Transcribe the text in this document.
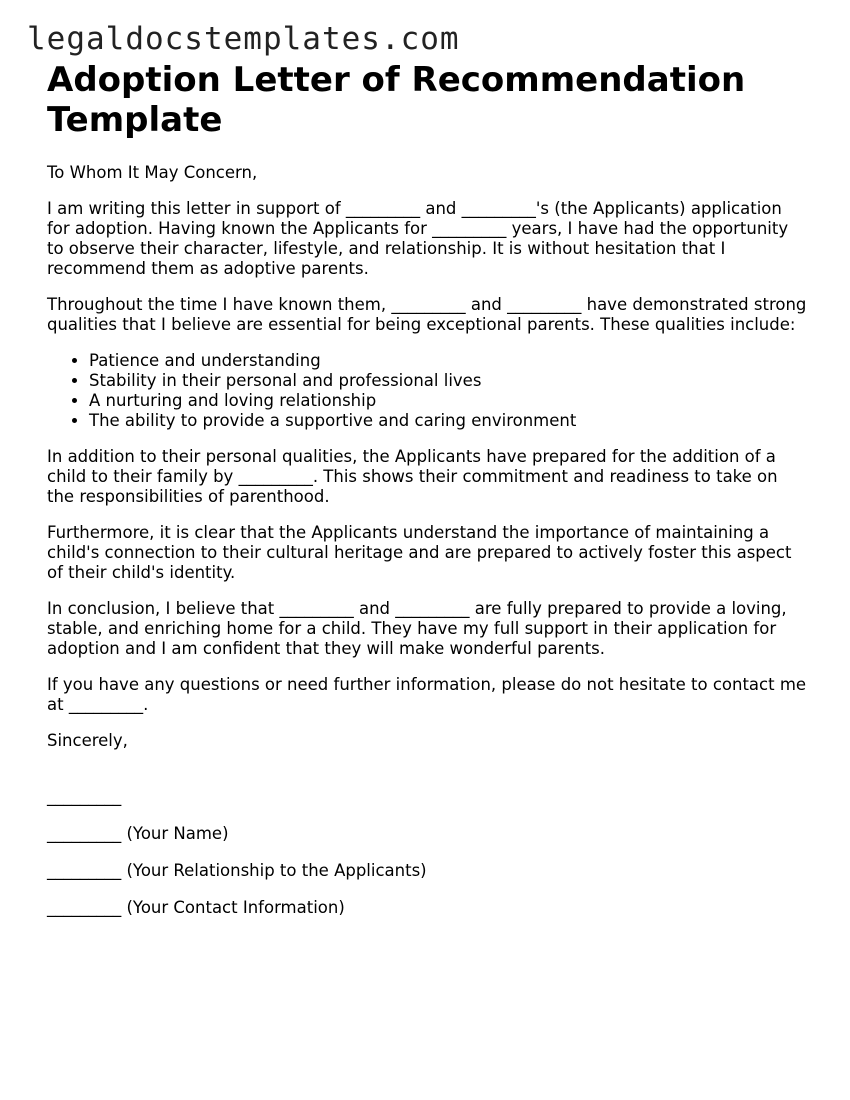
legaldocstemplates.com
Adoption Letter of Recommendation Template

To Whom It May Concern,

I am writing this letter in support of _________ and _________'s (the Applicants) application for adoption. Having known the Applicants for _________ years, I have had the opportunity to observe their character, lifestyle, and relationship. It is without hesitation that I recommend them as adoptive parents.

Throughout the time I have known them, _________ and _________ have demonstrated strong qualities that I believe are essential for being exceptional parents. These qualities include:

• Patience and understanding
• Stability in their personal and professional lives
• A nurturing and loving relationship
• The ability to provide a supportive and caring environment

In addition to their personal qualities, the Applicants have prepared for the addition of a child to their family by _________. This shows their commitment and readiness to take on the responsibilities of parenthood.

Furthermore, it is clear that the Applicants understand the importance of maintaining a child's connection to their cultural heritage and are prepared to actively foster this aspect of their child's identity.

In conclusion, I believe that _________ and _________ are fully prepared to provide a loving, stable, and enriching home for a child. They have my full support in their application for adoption and I am confident that they will make wonderful parents.

If you have any questions or need further information, please do not hesitate to contact me at _________.

Sincerely,

_________

_________ (Your Name)

_________ (Your Relationship to the Applicants)

_________ (Your Contact Information)
